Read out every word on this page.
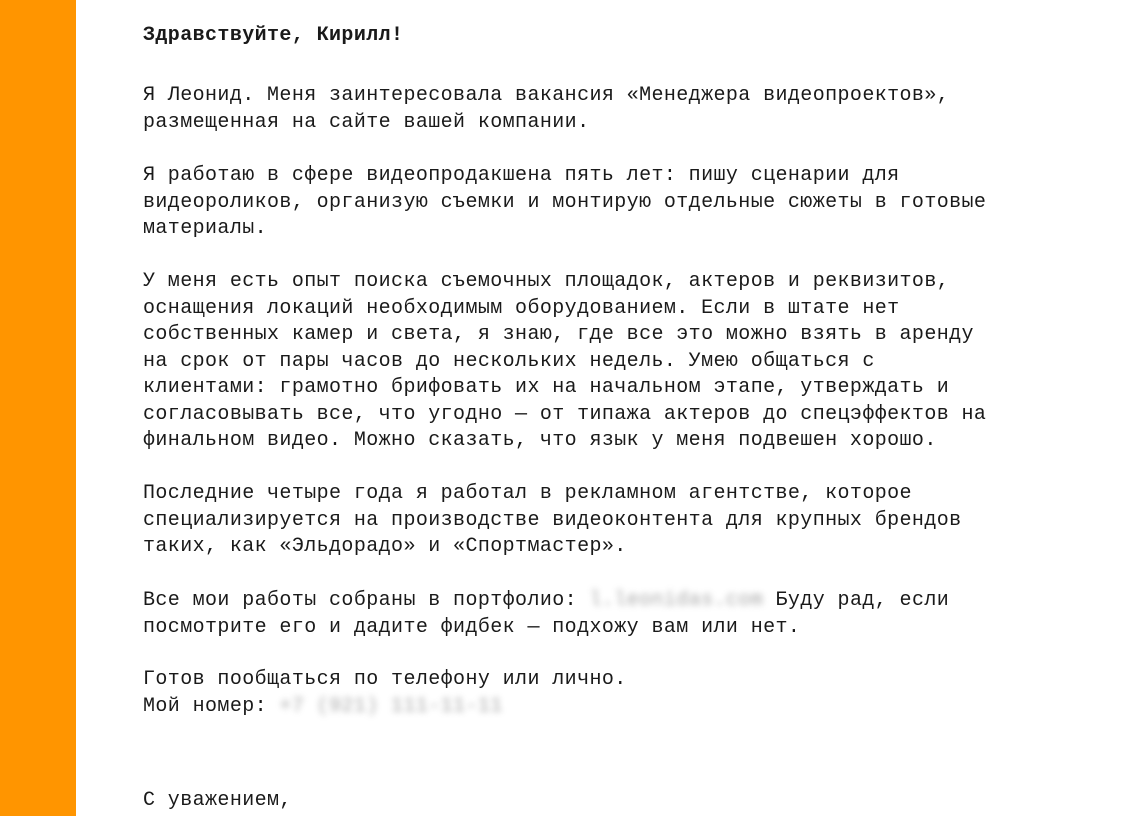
Здравствуйте, Кирилл!
Я Леонид. Меня заинтересовала вакансия «Менеджера видеопроектов»,
размещенная на сайте вашей компании.
Я работаю в сфере видеопродакшена пять лет: пишу сценарии для
видеороликов, организую съемки и монтирую отдельные сюжеты в готовые
материалы.
У меня есть опыт поиска съемочных площадок, актеров и реквизитов,
оснащения локаций необходимым оборудованием. Если в штате нет
собственных камер и света, я знаю, где все это можно взять в аренду
на срок от пары часов до нескольких недель. Умею общаться с
клиентами: грамотно брифовать их на начальном этапе, утверждать и
согласовывать все, что угодно — от типажа актеров до спецэффектов на
финальном видео. Можно сказать, что язык у меня подвешен хорошо.
Последние четыре года я работал в рекламном агентстве, которое
специализируется на производстве видеоконтента для крупных брендов
таких, как «Эльдорадо» и «Спортмастер».
Все мои работы собраны в портфолио: l.leonidas.com Буду рад, если
посмотрите его и дадите фидбек — подхожу вам или нет.
Готов пообщаться по телефону или лично.
Мой номер: +7 (921) 111-11-11
С уважением,
